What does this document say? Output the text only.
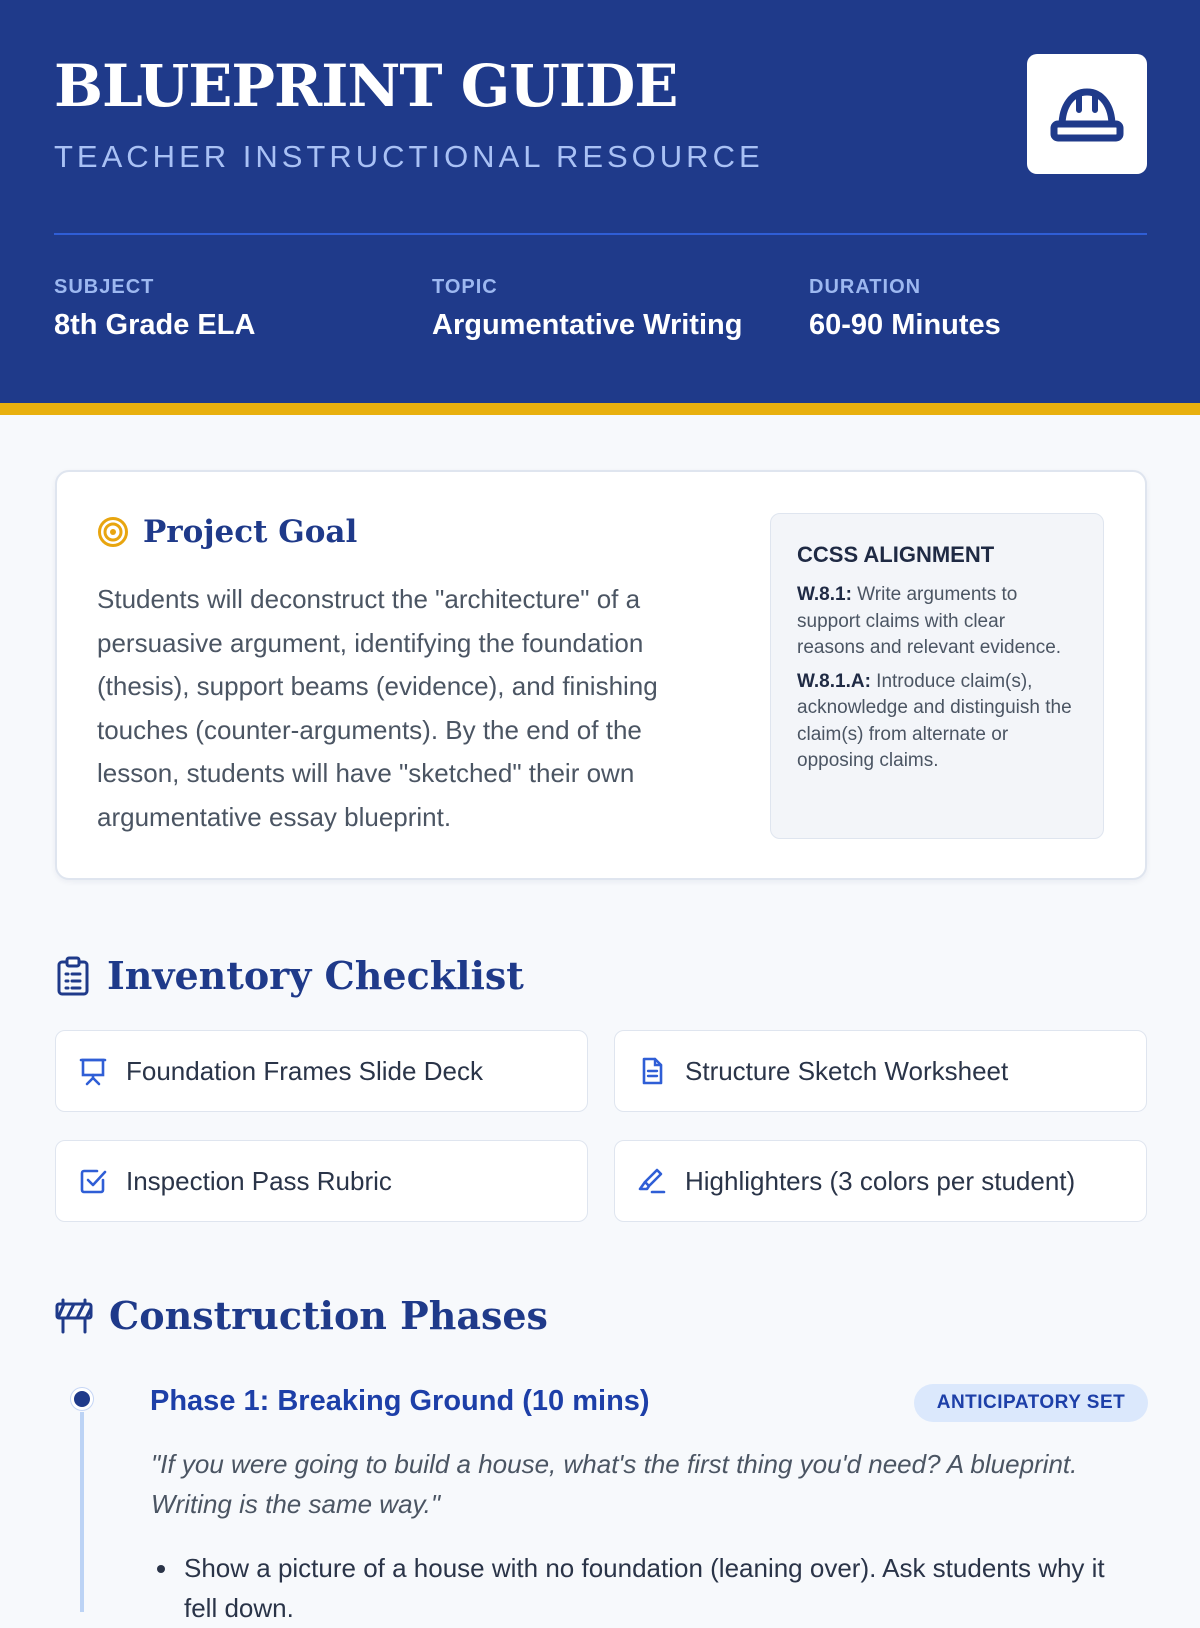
BLUEPRINT GUIDE
TEACHER INSTRUCTIONAL RESOURCE
SUBJECT
8th Grade ELA
TOPIC
Argumentative Writing
DURATION
60-90 Minutes
Project Goal
Students will deconstruct the "architecture" of a persuasive argument, identifying the foundation (thesis), support beams (evidence), and finishing touches (counter-arguments). By the end of the lesson, students will have "sketched" their own argumentative essay blueprint.
CCSS ALIGNMENT

W.8.1: Write arguments to support claims with clear reasons and relevant evidence.

W.8.1.A: Introduce claim(s), acknowledge and distinguish the claim(s) from alternate or opposing claims.

Inventory Checklist
Foundation Frames Slide Deck	Structure Sketch Worksheet
Inspection Pass Rubric	Highlighters (3 colors per student)
Construction Phases
Phase 1: Breaking Ground (10 mins)	ANTICIPATORY SET
"If you were going to build a house, what's the first thing you'd need? A blueprint. Writing is the same way."
Show a picture of a house with no foundation (leaning over). Ask students why it fell down.
